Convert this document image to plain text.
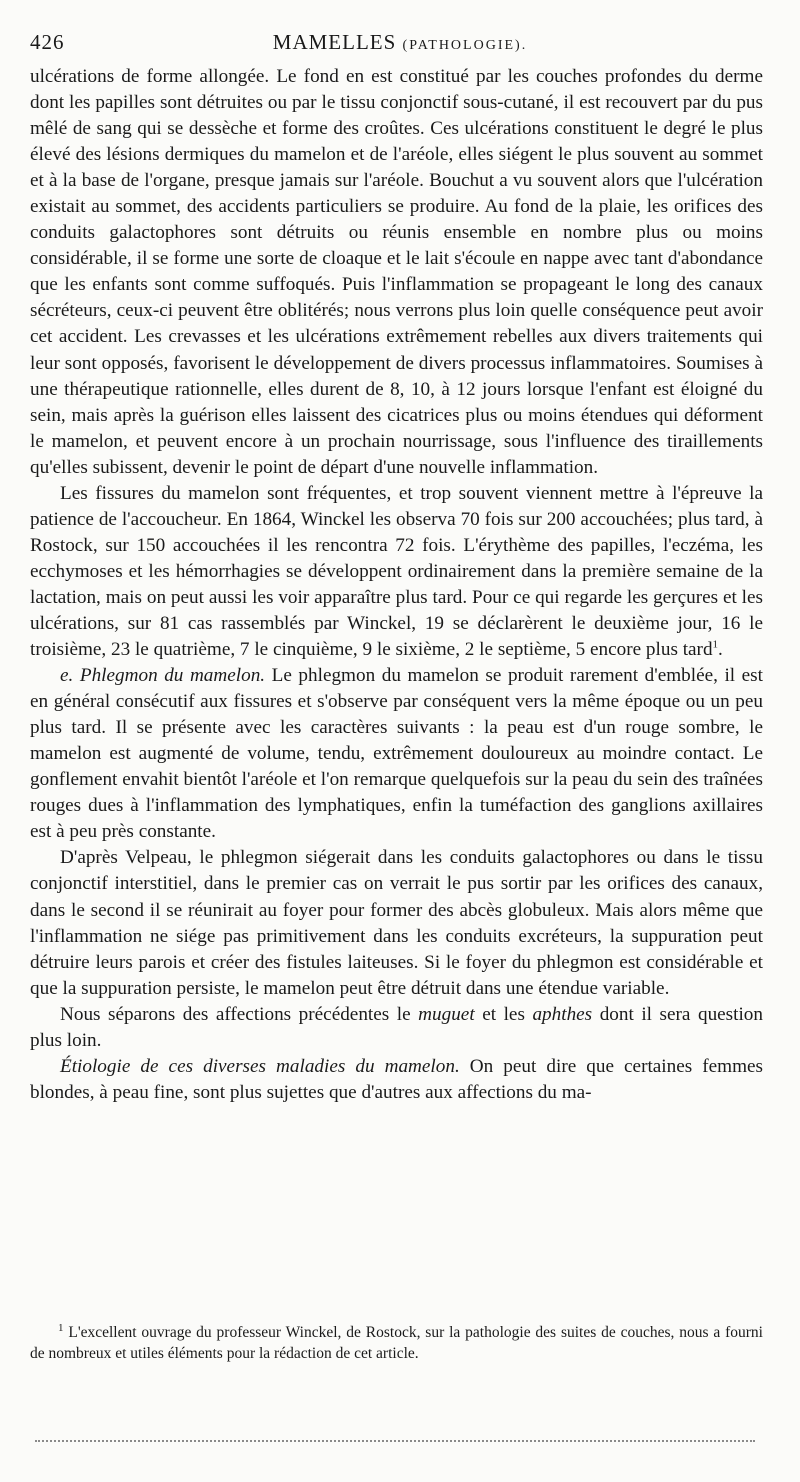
426	MAMELLES (PATHOLOGIE).

ulcérations de forme allongée. Le fond en est constitué par les couches profondes du derme dont les papilles sont détruites ou par le tissu conjonctif sous-cutané, il est recouvert par du pus mêlé de sang qui se dessèche et forme des croûtes. Ces ulcérations constituent le degré le plus élevé des lésions dermiques du mamelon et de l'aréole, elles siégent le plus souvent au sommet et à la base de l'organe, presque jamais sur l'aréole. Bouchut a vu souvent alors que l'ulcération existait au sommet, des accidents particuliers se produire. Au fond de la plaie, les orifices des conduits galactophores sont détruits ou réunis ensemble en nombre plus ou moins considérable, il se forme une sorte de cloaque et le lait s'écoule en nappe avec tant d'abondance que les enfants sont comme suffoqués. Puis l'inflammation se propageant le long des canaux sécréteurs, ceux-ci peuvent être oblitérés; nous verrons plus loin quelle conséquence peut avoir cet accident. Les crevasses et les ulcérations extrêmement rebelles aux divers traitements qui leur sont opposés, favorisent le développement de divers processus inflammatoires. Soumises à une thérapeutique rationnelle, elles durent de 8, 10, à 12 jours lorsque l'enfant est éloigné du sein, mais après la guérison elles laissent des cicatrices plus ou moins étendues qui déforment le mamelon, et peuvent encore à un prochain nourrissage, sous l'influence des tiraillements qu'elles subissent, devenir le point de départ d'une nouvelle inflammation.

Les fissures du mamelon sont fréquentes, et trop souvent viennent mettre à l'épreuve la patience de l'accoucheur. En 1864, Winckel les observa 70 fois sur 200 accouchées; plus tard, à Rostock, sur 150 accouchées il les rencontra 72 fois. L'érythème des papilles, l'eczéma, les ecchymoses et les hémorrhagies se développent ordinairement dans la première semaine de la lactation, mais on peut aussi les voir apparaître plus tard. Pour ce qui regarde les gerçures et les ulcérations, sur 81 cas rassemblés par Winckel, 19 se déclarèrent le deuxième jour, 16 le troisième, 23 le quatrième, 7 le cinquième, 9 le sixième, 2 le septième, 5 encore plus tard$^1$.

e. Phlegmon du mamelon. Le phlegmon du mamelon se produit rarement d'emblée, il est en général consécutif aux fissures et s'observe par conséquent vers la même époque ou un peu plus tard. Il se présente avec les caractères suivants : la peau est d'un rouge sombre, le mamelon est augmenté de volume, tendu, extrêmement douloureux au moindre contact. Le gonflement envahit bientôt l'aréole et l'on remarque quelquefois sur la peau du sein des traînées rouges dues à l'inflammation des lymphatiques, enfin la tuméfaction des ganglions axillaires est à peu près constante.

D'après Velpeau, le phlegmon siégerait dans les conduits galactophores ou dans le tissu conjonctif interstitiel, dans le premier cas on verrait le pus sortir par les orifices des canaux, dans le second il se réunirait au foyer pour former des abcès globuleux. Mais alors même que l'inflammation ne siége pas primitivement dans les conduits excréteurs, la suppuration peut détruire leurs parois et créer des fistules laiteuses. Si le foyer du phlegmon est considérable et que la suppuration persiste, le mamelon peut être détruit dans une étendue variable.

Nous séparons des affections précédentes le muguet et les aphthes dont il sera question plus loin.

Étiologie de ces diverses maladies du mamelon. On peut dire que certaines femmes blondes, à peau fine, sont plus sujettes que d'autres aux affections du ma-

$^1$ L'excellent ouvrage du professeur Winckel, de Rostock, sur la pathologie des suites de couches, nous a fourni de nombreux et utiles éléments pour la rédaction de cet article.
